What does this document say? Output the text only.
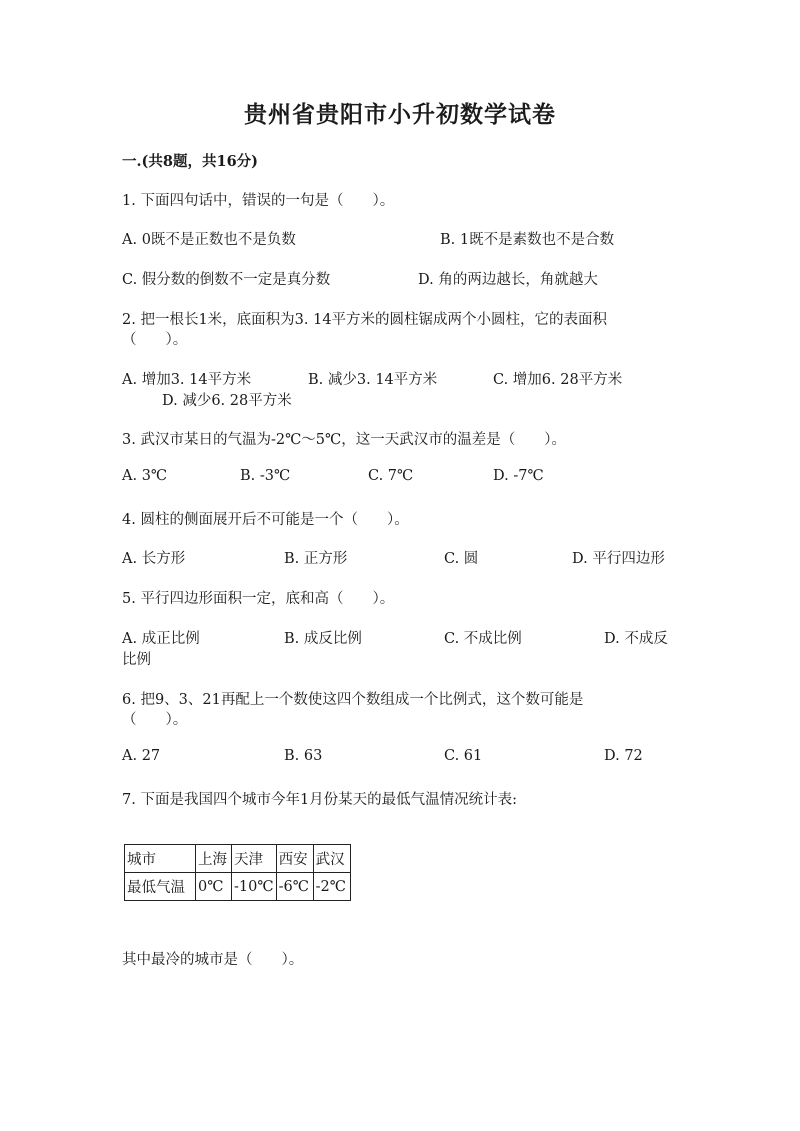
贵州省贵阳市小升初数学试卷
一.(共8题，共16分)
1. 下面四句话中，错误的一句是（　　）。
A. 0既不是正数也不是负数	B. 1既不是素数也不是合数
C. 假分数的倒数不一定是真分数	D. 角的两边越长，角就越大
2. 把一根长1米，底面积为3. 14平方米的圆柱锯成两个小圆柱，它的表面积
（　　）。
A. 增加3. 14平方米	B. 减少3. 14平方米	C. 增加6. 28平方米
D. 减少6. 28平方米
3. 武汉市某日的气温为-2℃～5℃，这一天武汉市的温差是（　　）。
A. 3℃	B. -3℃	C. 7℃	D. -7℃
4. 圆柱的侧面展开后不可能是一个（　　）。
A. 长方形	B. 正方形	C. 圆	D. 平行四边形
5. 平行四边形面积一定，底和高（　　）。
A. 成正比例	B. 成反比例	C. 不成比例	D. 不成反
比例
6. 把9、3、21再配上一个数使这四个数组成一个比例式，这个数可能是
（　　）。
A. 27	B. 63	C. 61	D. 72
7. 下面是我国四个城市今年1月份某天的最低气温情况统计表:
城市	上海	天津	西安	武汉
最低气温	0℃	-10℃	-6℃	-2℃
其中最冷的城市是（　　）。
